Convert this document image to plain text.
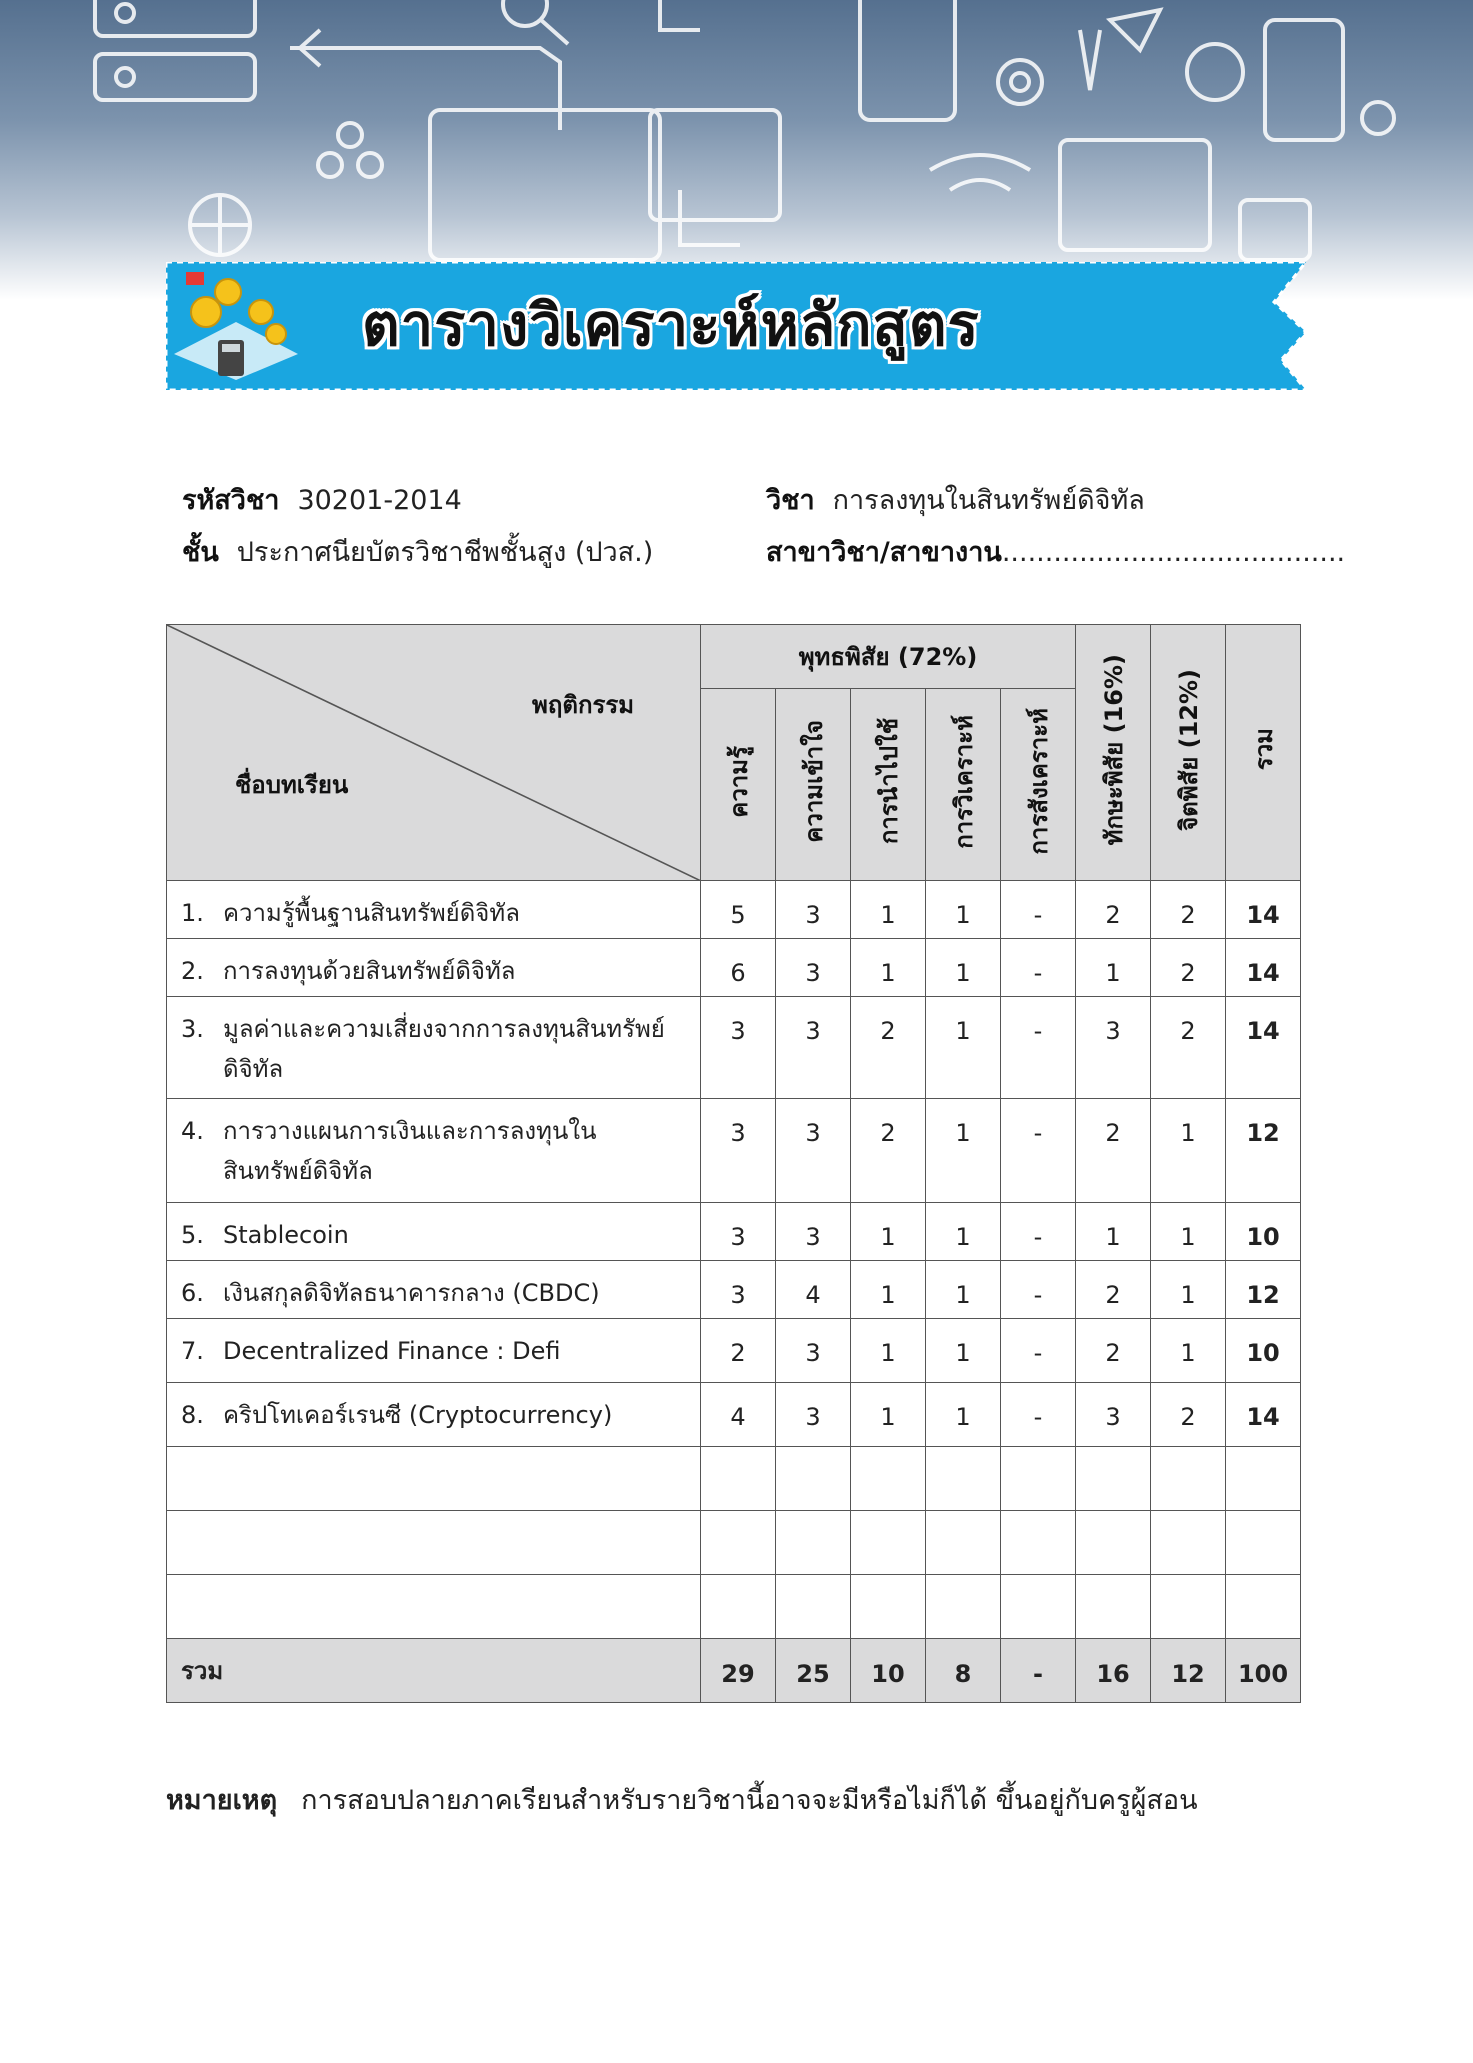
ตารางวิเคราะห์หลักสูตร
รหัสวิชา 30201-2014	วิชา การลงทุนในสินทรัพย์ดิจิทัล
ชั้น ประกาศนียบัตรวิชาชีพชั้นสูง (ปวส.)	สาขาวิชา/สาขางาน........................................
พฤติกรรม
ชื่อบทเรียน	พุทธพิสัย (72%)					ทักษะพิสัย (16%)	จิตพิสัย (12%)	รวม
	ความรู้	ความเข้าใจ	การนำไปใช้	การวิเคราะห์	การสังเคราะห์			
1. ความรู้พื้นฐานสินทรัพย์ดิจิทัล	5	3	1	1	-	2	2	14
2. การลงทุนด้วยสินทรัพย์ดิจิทัล	6	3	1	1	-	1	2	14
3. มูลค่าและความเสี่ยงจากการลงทุนสินทรัพย์ดิจิทัล	3	3	2	1	-	3	2	14
4. การวางแผนการเงินและการลงทุนในสินทรัพย์ดิจิทัล	3	3	2	1	-	2	1	12
5. Stablecoin	3	3	1	1	-	1	1	10
6. เงินสกุลดิจิทัลธนาคารกลาง (CBDC)	3	4	1	1	-	2	1	12
7. Decentralized Finance : Defi	2	3	1	1	-	2	1	10
8. คริปโทเคอร์เรนซี (Cryptocurrency)	4	3	1	1	-	3	2	14

รวม	29	25	10	8	-	16	12	100
หมายเหตุ การสอบปลายภาคเรียนสำหรับรายวิชานี้อาจจะมีหรือไม่ก็ได้ ขึ้นอยู่กับครูผู้สอน
